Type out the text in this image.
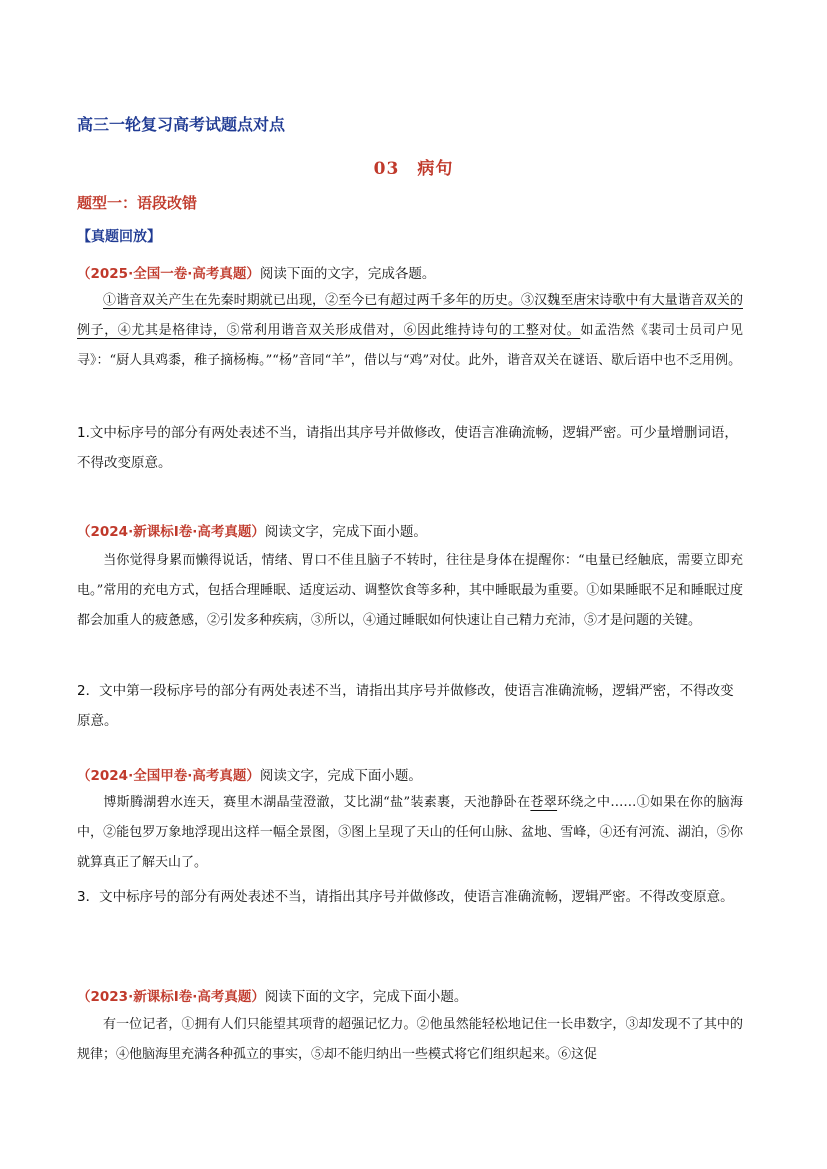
高三一轮复习高考试题点对点
03 病句
题型一：语段改错
【真题回放】
（2025·全国一卷·高考真题）阅读下面的文字，完成各题。
①谐音双关产生在先秦时期就已出现，②至今已有超过两千多年的历史。③汉魏至唐宋诗歌中有大量谐音双关的例子，④尤其是格律诗，⑤常利用谐音双关形成借对，⑥因此维持诗句的工整对仗。如孟浩然《裴司士员司户见寻》：“厨人具鸡黍，稚子摘杨梅。”“杨”音同“羊”，借以与“鸡”对仗。此外，谐音双关在谜语、歇后语中也不乏用例。
1.文中标序号的部分有两处表述不当，请指出其序号并做修改，使语言准确流畅，逻辑严密。可少量增删词语，不得改变原意。
（2024·新课标Ⅰ卷·高考真题）阅读文字，完成下面小题。
当你觉得身累而懒得说话，情绪、胃口不佳且脑子不转时，往往是身体在提醒你：“电量已经触底，需要立即充电。”常用的充电方式，包括合理睡眠、适度运动、调整饮食等多种，其中睡眠最为重要。①如果睡眠不足和睡眠过度都会加重人的疲惫感，②引发多种疾病，③所以，④通过睡眠如何快速让自己精力充沛，⑤才是问题的关键。
2．文中第一段标序号的部分有两处表述不当，请指出其序号并做修改，使语言准确流畅，逻辑严密，不得改变原意。
（2024·全国甲卷·高考真题）阅读文字，完成下面小题。
博斯腾湖碧水连天，赛里木湖晶莹澄澈，艾比湖“盐”装素裹，天池静卧在苍翠环绕之中……①如果在你的脑海中，②能包罗万象地浮现出这样一幅全景图，③图上呈现了天山的任何山脉、盆地、雪峰，④还有河流、湖泊，⑤你就算真正了解天山了。
3．文中标序号的部分有两处表述不当，请指出其序号并做修改，使语言准确流畅，逻辑严密。不得改变原意。
（2023·新课标Ⅰ卷·高考真题）阅读下面的文字，完成下面小题。
有一位记者，①拥有人们只能望其项背的超强记忆力。②他虽然能轻松地记住一长串数字，③却发现不了其中的规律；④他脑海里充满各种孤立的事实，⑤却不能归纳出一些模式将它们组织起来。⑥这促
